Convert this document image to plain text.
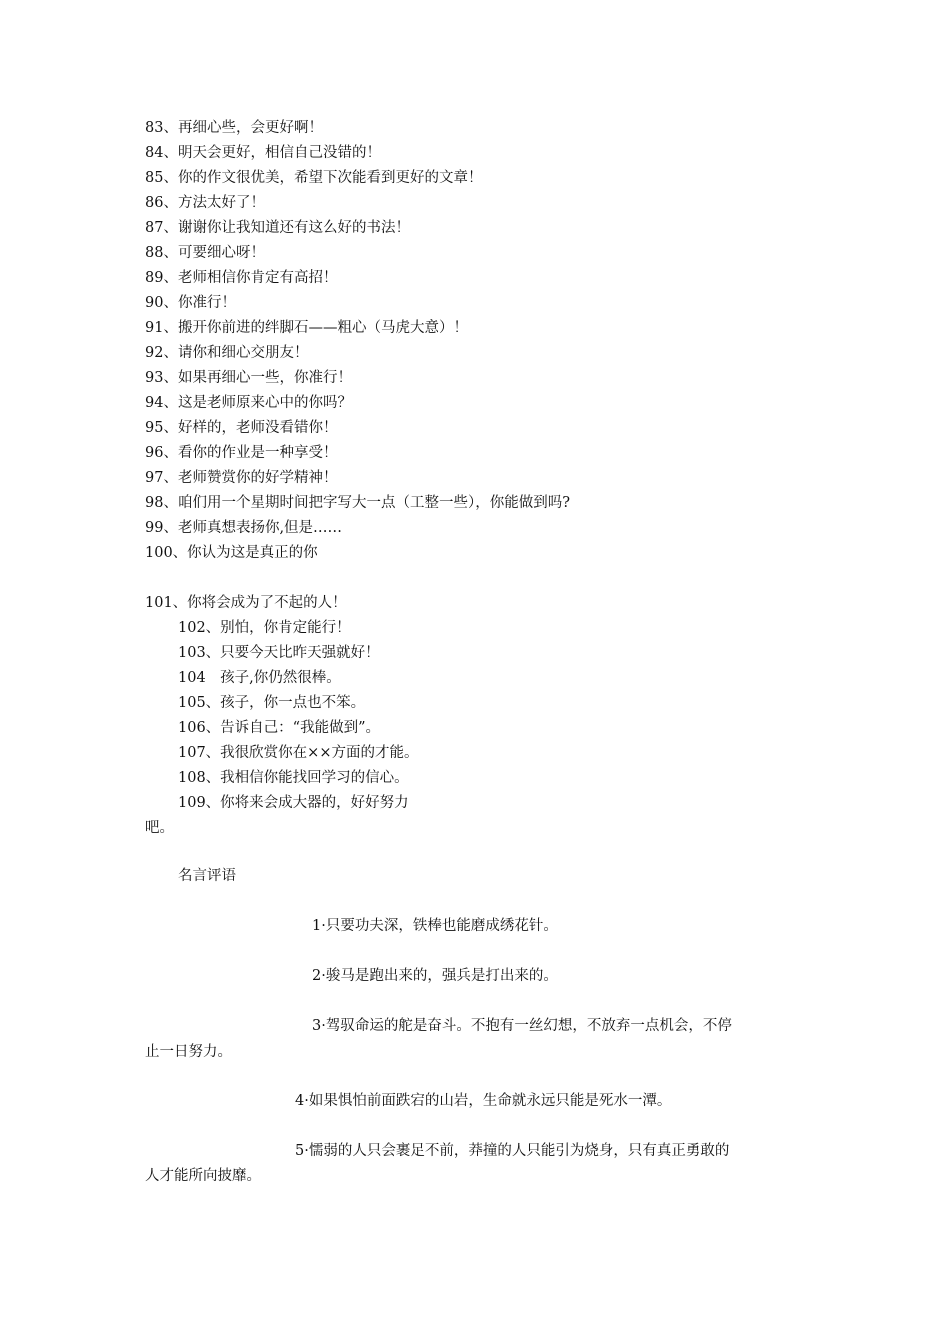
83、再细心些，会更好啊！
84、明天会更好，相信自己没错的！
85、你的作文很优美，希望下次能看到更好的文章！
86、方法太好了！
87、谢谢你让我知道还有这么好的书法！
88、可要细心呀！
89、老师相信你肯定有高招！
90、你准行！
91、搬开你前进的绊脚石——粗心（马虎大意）！
92、请你和细心交朋友！
93、如果再细心一些，你准行！
94、这是老师原来心中的你吗？
95、好样的，老师没看错你！
96、看你的作业是一种享受！
97、老师赞赏你的好学精神！
98、咱们用一个星期时间把字写大一点（工整一些），你能做到吗?
99、老师真想表扬你,但是……
100、你认为这是真正的你
101、你将会成为了不起的人！
102、别怕，你肯定能行！
103、只要今天比昨天强就好！
104　孩子,你仍然很棒。
105、孩子，你一点也不笨。
106、告诉自己：“我能做到”。
107、我很欣赏你在××方面的才能。
108、我相信你能找回学习的信心。
109、你将来会成大器的，好好努力
吧。
名言评语
1·只要功夫深，铁棒也能磨成绣花针。
2·骏马是跑出来的，强兵是打出来的。
3·驾驭命运的舵是奋斗。不抱有一丝幻想，不放弃一点机会，不停
止一日努力。
4·如果惧怕前面跌宕的山岩，生命就永远只能是死水一潭。
5·懦弱的人只会裹足不前，莽撞的人只能引为烧身，只有真正勇敢的
人才能所向披靡。
